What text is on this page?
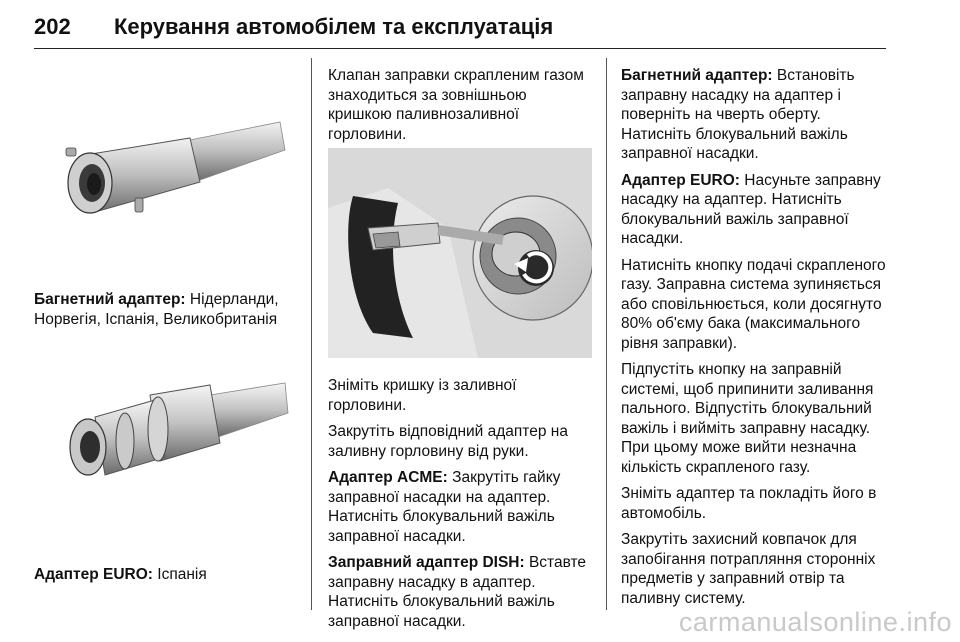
202 Керування автомобілем та експлуатація
Багнетний адаптер: Нідерланди, Норвегія, Іспанія, Великобританія
Адаптер EURO: Іспанія

Клапан заправки скрапленим газом знаходиться за зовнішньою кришкою паливнозаливної горловини.

Зніміть кришку із заливної горловини.

Закрутіть відповідний адаптер на заливну горловину від руки.

Адаптер ACME: Закрутіть гайку заправної насадки на адаптер. Натисніть блокувальний важіль заправної насадки.

Заправний адаптер DISH: Вставте заправну насадку в адаптер. Натисніть блокувальний важіль заправної насадки.

Багнетний адаптер: Встановіть заправну насадку на адаптер і поверніть на чверть оберту. Натисніть блокувальний важіль заправної насадки.

Адаптер EURO: Насуньте заправну насадку на адаптер. Натисніть блокувальний важіль заправної насадки.

Натисніть кнопку подачі скрапленого газу. Заправна система зупиняється або сповільнюється, коли досягнуто 80% об'єму бака (максимального рівня заправки).

Підпустіть кнопку на заправній системі, щоб припинити заливання пального. Відпустіть блокувальний важіль і вийміть заправну насадку. При цьому може вийти незначна кількість скрапленого газу.

Зніміть адаптер та покладіть його в автомобіль.

Закрутіть захисний ковпачок для запобігання потрапляння сторонніх предметів у заправний отвір та паливну систему.

carmanualsonline.info
